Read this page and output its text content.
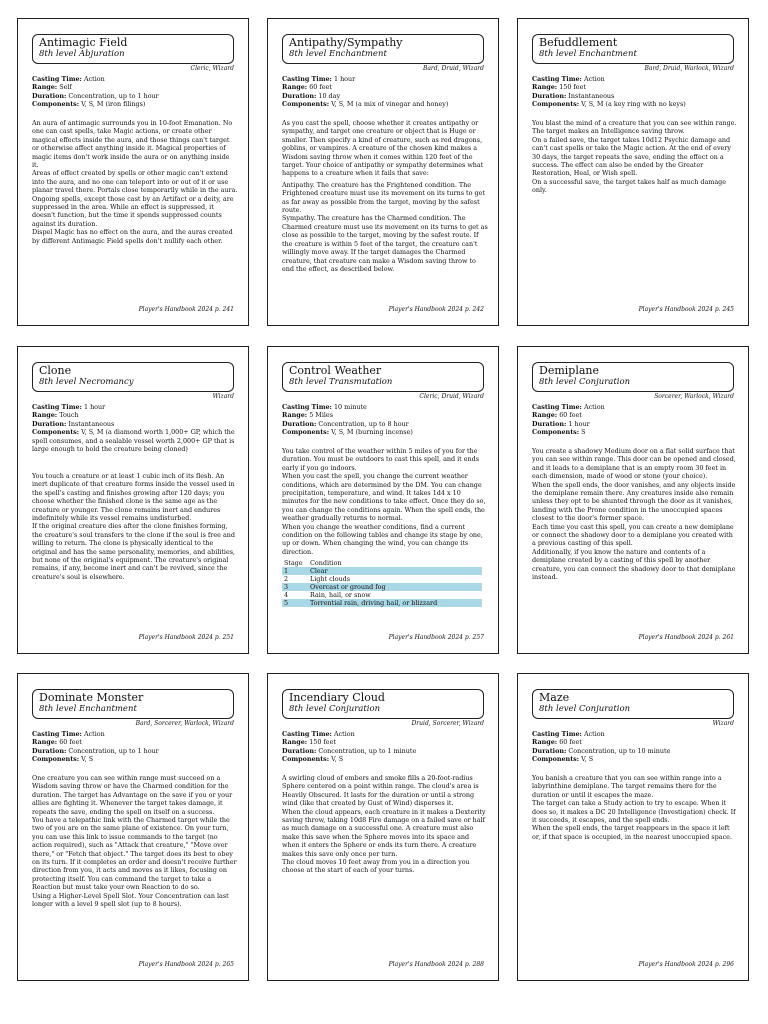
Antimagic Field
8th level Abjuration
Cleric, Wizard
Casting Time: Action
Range: Self
Duration: Concentration, up to 1 hour
Components: V, S, M (iron filings)

An aura of antimagic surrounds you in 10-foot Emanation. No one can cast spells, take Magic actions, or create other magical effects inside the aura, and those things can't target or otherwise affect anything inside it. Magical properties of magic items don't work inside the aura or on anything inside it.

Areas of effect created by spells or other magic can't extend into the aura, and no one can teleport into or out of it or use planar travel there. Portals close temporarily while in the aura.

Ongoing spells, except those cast by an Artifact or a deity, are suppressed in the area. While an effect is suppressed, it doesn't function, but the time it spends suppressed counts against its duration.

Dispel Magic has no effect on the aura, and the auras created by different Antimagic Field spells don't nullify each other.

Player's Handbook 2024 p. 241
Antipathy/Sympathy
8th level Enchantment
Bard, Druid, Wizard
Casting Time: 1 hour
Range: 60 feet
Duration: 10 day
Components: V, S, M (a mix of vinegar and honey)

As you cast the spell, choose whether it creates antipathy or sympathy, and target one creature or object that is Huge or smaller. Then specify a kind of creature, such as red dragons, goblins, or vampires. A creature of the chosen kind makes a Wisdom saving throw when it comes within 120 feet of the target. Your choice of antipathy or sympathy determines what happens to a creature when it fails that save:

Antipathy. The creature has the Frightened condition. The Frightened creature must use its movement on its turns to get as far away as possible from the target, moving by the safest route.

Sympathy. The creature has the Charmed condition. The Charmed creature must use its movement on its turns to get as close as possible to the target, moving by the safest route. If the creature is within 5 feet of the target, the creature can't willingly move away. If the target damages the Charmed creature, that creature can make a Wisdom saving throw to end the effect, as described below.

Player's Handbook 2024 p. 242
Befuddlement
8th level Enchantment
Bard, Druid, Warlock, Wizard
Casting Time: Action
Range: 150 feet
Duration: Instantaneous
Components: V, S, M (a key ring with no keys)

You blast the mind of a creature that you can see within range. The target makes an Intelligence saving throw.

On a failed save, the target takes 10d12 Psychic damage and can't cast spells or take the Magic action. At the end of every 30 days, the target repeats the save, ending the effect on a success. The effect can also be ended by the Greater Restoration, Heal, or Wish spell.

On a successful save, the target takes half as much damage only.

Player's Handbook 2024 p. 245
Clone
8th level Necromancy
Wizard
Casting Time: 1 hour
Range: Touch
Duration: Instantaneous
Components: V, S, M (a diamond worth 1,000+ GP, which the spell consumes, and a sealable vessel worth 2,000+ GP that is large enough to hold the creature being cloned)

You touch a creature or at least 1 cubic inch of its flesh. An inert duplicate of that creature forms inside the vessel used in the spell's casting and finishes growing after 120 days; you choose whether the finished clone is the same age as the creature or younger. The clone remains inert and endures indefinitely while its vessel remains undisturbed.

If the original creature dies after the clone finishes forming, the creature's soul transfers to the clone if the soul is free and willing to return. The clone is physically identical to the original and has the same personality, memories, and abilities, but none of the original's equipment. The creature's original remains, if any, become inert and can't be revived, since the creature's soul is elsewhere.

Player's Handbook 2024 p. 251
Control Weather
8th level Transmutation
Cleric, Druid, Wizard
Casting Time: 10 minute
Range: 5 Miles
Duration: Concentration, up to 8 hour
Components: V, S, M (burning incense)

You take control of the weather within 5 miles of you for the duration. You must be outdoors to cast this spell, and it ends early if you go indoors.

When you cast the spell, you change the current weather conditions, which are determined by the DM. You can change precipitation, temperature, and wind. It takes 1d4 x 10 minutes for the new conditions to take effect. Once they do so, you can change the conditions again. When the spell ends, the weather gradually returns to normal.

When you change the weather conditions, find a current condition on the following tables and change its stage by one, up or down. When changing the wind, you can change its direction.

Stage	Condition
1	Clear
2	Light clouds
3	Overcast or ground fog
4	Rain, hail, or snow
5	Torrential rain, driving hail, or blizzard
Player's Handbook 2024 p. 257
Demiplane
8th level Conjuration
Sorcerer, Warlock, Wizard
Casting Time: Action
Range: 60 feet
Duration: 1 hour
Components: S

You create a shadowy Medium door on a flat solid surface that you can see within range. This door can be opened and closed, and it leads to a demiplane that is an empty room 30 feet in each dimension, made of wood or stone (your choice).

When the spell ends, the door vanishes, and any objects inside the demiplane remain there. Any creatures inside also remain unless they opt to be shunted through the door as it vanishes, landing with the Prone condition in the unoccupied spaces closest to the door's former space.

Each time you cast this spell, you can create a new demiplane or connect the shadowy door to a demiplane you created with a previous casting of this spell.

Additionally, if you know the nature and contents of a demiplane created by a casting of this spell by another creature, you can connect the shadowy door to that demiplane instead.

Player's Handbook 2024 p. 261
Dominate Monster
8th level Enchantment
Bard, Sorcerer, Warlock, Wizard
Casting Time: Action
Range: 60 feet
Duration: Concentration, up to 1 hour
Components: V, S

One creature you can see within range must succeed on a Wisdom saving throw or have the Charmed condition for the duration. The target has Advantage on the save if you or your allies are fighting it. Whenever the target takes damage, it repeats the save, ending the spell on itself on a success.

You have a telepathic link with the Charmed target while the two of you are on the same plane of existence. On your turn, you can use this link to issue commands to the target (no action required), such as "Attack that creature," "Move over there," or "Fetch that object." The target does its best to obey on its turn. If it completes an order and doesn't receive further direction from you, it acts and moves as it likes, focusing on protecting itself. You can command the target to take a Reaction but must take your own Reaction to do so.

Using a Higher-Level Spell Slot. Your Concentration can last longer with a level 9 spell slot (up to 8 hours).

Player's Handbook 2024 p. 265
Incendiary Cloud
8th level Conjuration
Druid, Sorcerer, Wizard
Casting Time: Action
Range: 150 feet
Duration: Concentration, up to 1 minute
Components: V, S

A swirling cloud of embers and smoke fills a 20-foot-radius Sphere centered on a point within range. The cloud's area is Heavily Obscured. It lasts for the duration or until a strong wind (like that created by Gust of Wind) disperses it.

When the cloud appears, each creature in it makes a Dexterity saving throw, taking 10d8 Fire damage on a failed save or half as much damage on a successful one. A creature must also make this save when the Sphere moves into its space and when it enters the Sphere or ends its turn there. A creature makes this save only once per turn.

The cloud moves 10 feet away from you in a direction you choose at the start of each of your turns.

Player's Handbook 2024 p. 288
Maze
8th level Conjuration
Wizard
Casting Time: Action
Range: 60 feet
Duration: Concentration, up to 10 minute
Components: V, S

You banish a creature that you can see within range into a labyrinthine demiplane. The target remains there for the duration or until it escapes the maze.

The target can take a Study action to try to escape. When it does so, it makes a DC 20 Intelligence (Investigation) check. If it succeeds, it escapes, and the spell ends.

When the spell ends, the target reappears in the space it left or, if that space is occupied, in the nearest unoccupied space.

Player's Handbook 2024 p. 296
